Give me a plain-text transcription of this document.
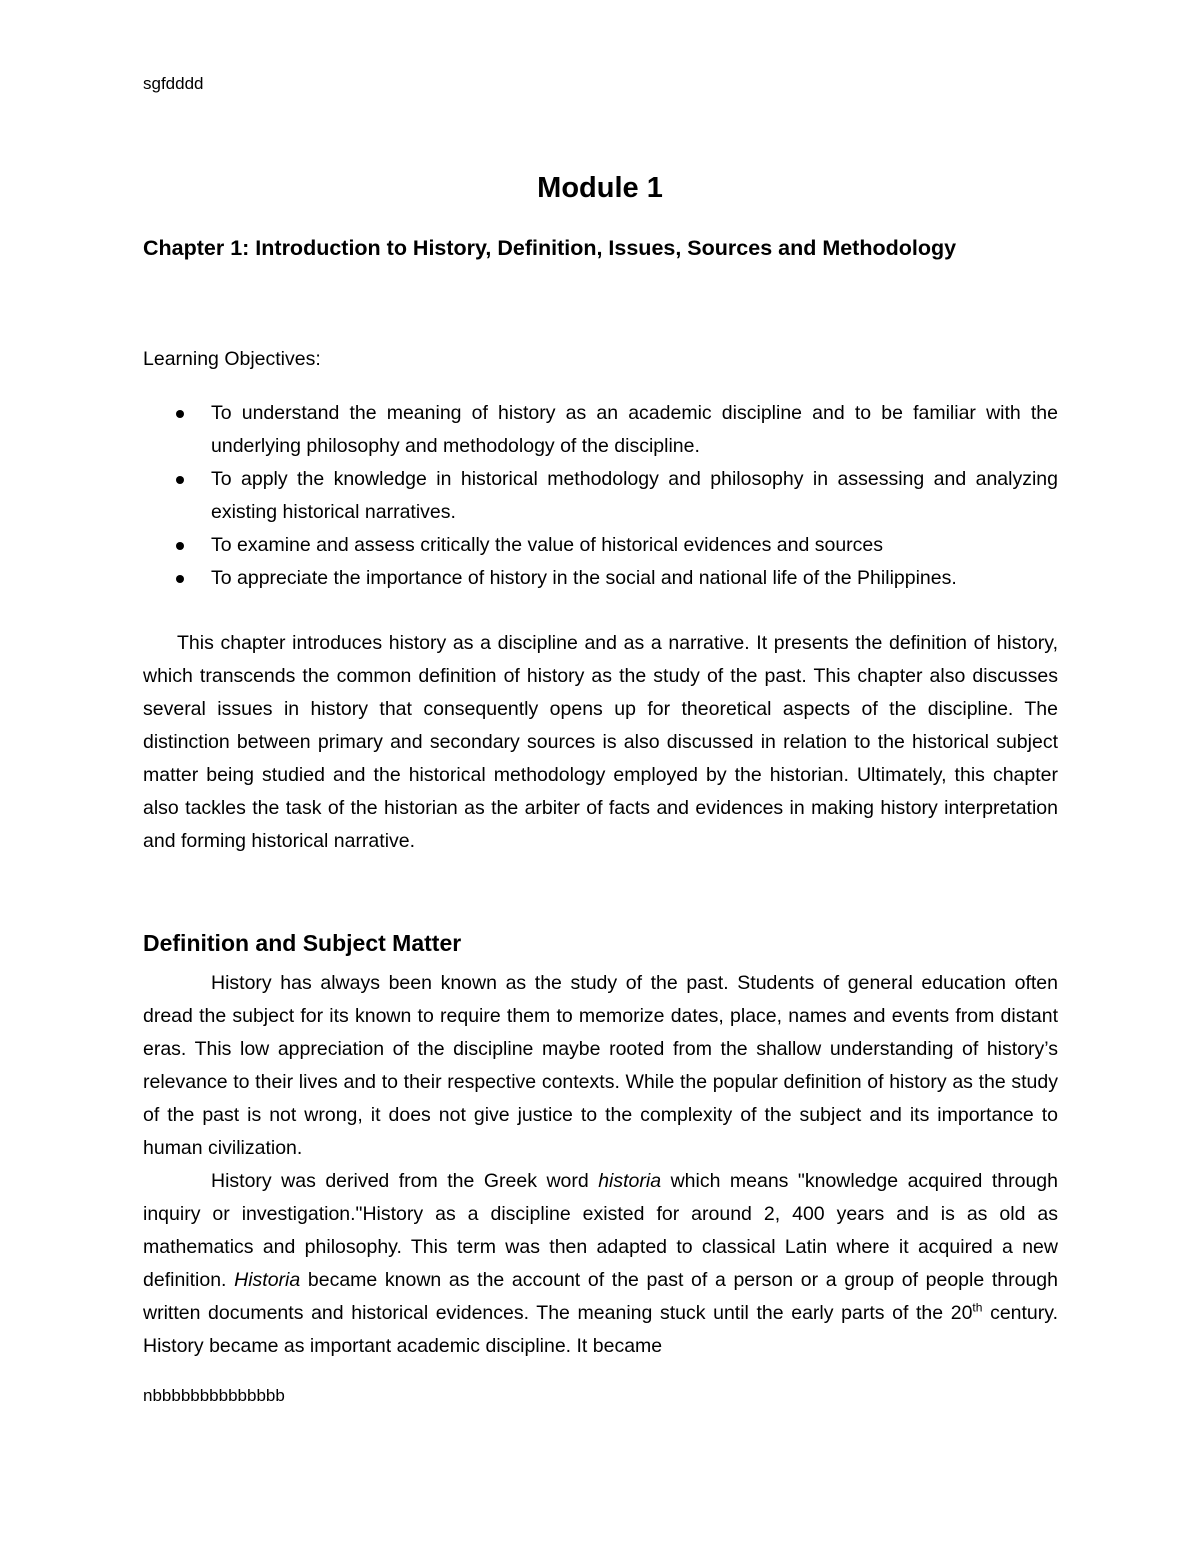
sgfdddd
Module 1
Chapter 1: Introduction to History, Definition, Issues, Sources and Methodology
Learning Objectives:
To understand the meaning of history as an academic discipline and to be familiar with the underlying philosophy and methodology of the discipline.
To apply the knowledge in historical methodology and philosophy in assessing and analyzing existing historical narratives.
To examine and assess critically the value of historical evidences and sources
To appreciate the importance of history in the social and national life of the Philippines.

This chapter introduces history as a discipline and as a narrative. It presents the definition of history, which transcends the common definition of history as the study of the past. This chapter also discusses several issues in history that consequently opens up for theoretical aspects of the discipline. The distinction between primary and secondary sources is also discussed in relation to the historical subject matter being studied and the historical methodology employed by the historian. Ultimately, this chapter also tackles the task of the historian as the arbiter of facts and evidences in making history interpretation and forming historical narrative.

Definition and Subject Matter

History has always been known as the study of the past. Students of general education often dread the subject for its known to require them to memorize dates, place, names and events from distant eras. This low appreciation of the discipline maybe rooted from the shallow understanding of history’s relevance to their lives and to their respective contexts. While the popular definition of history as the study of the past is not wrong, it does not give justice to the complexity of the subject and its importance to human civilization.

History was derived from the Greek word historia which means "knowledge acquired through inquiry or investigation."History as a discipline existed for around 2, 400 years and is as old as mathematics and philosophy. This term was then adapted to classical Latin where it acquired a new definition. Historia became known as the account of the past of a person or a group of people through written documents and historical evidences. The meaning stuck until the early parts of the 20th century. History became as important academic discipline. It became

nbbbbbbbbbbbbbb
